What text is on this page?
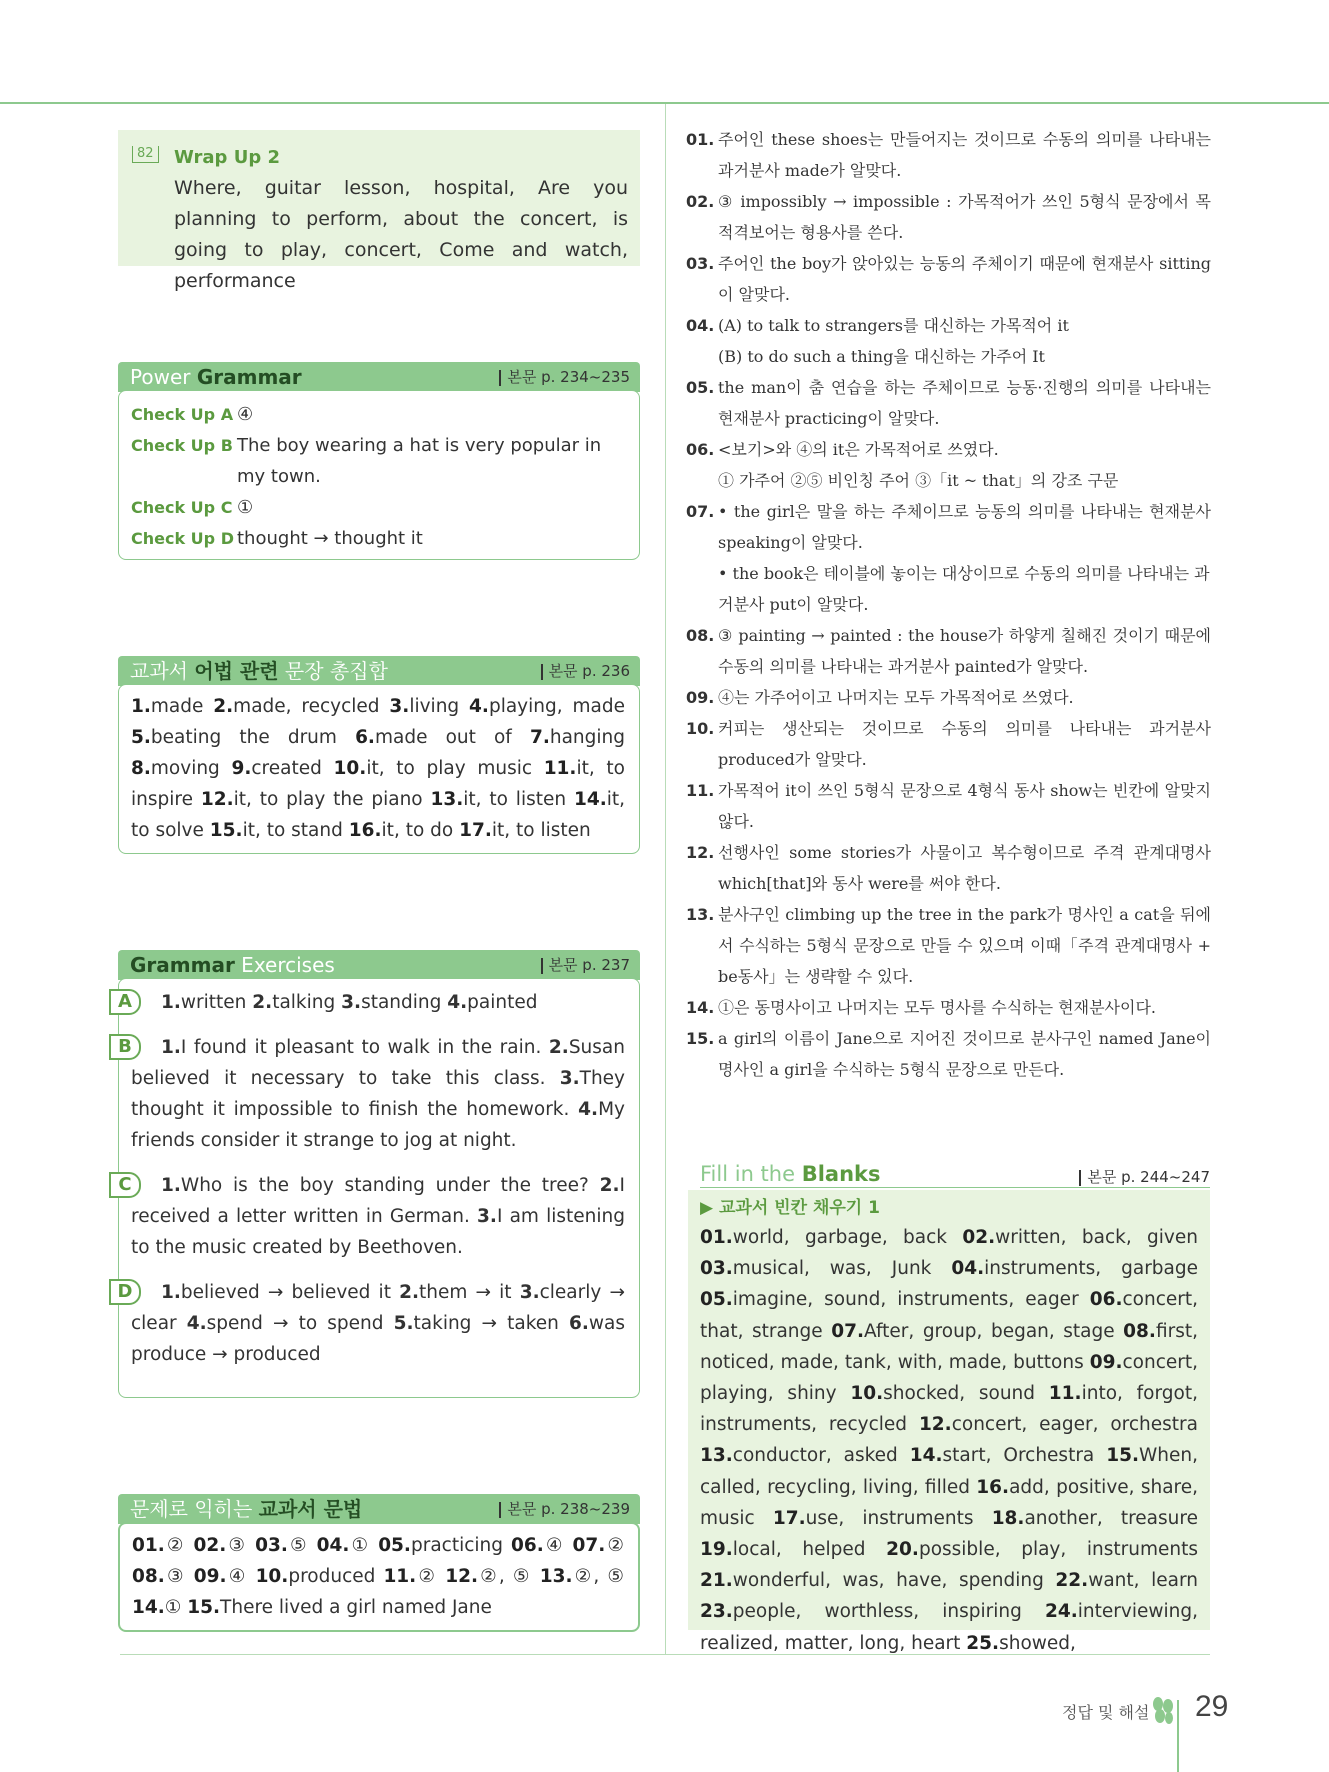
82 Wrap Up 2
Where, guitar lesson, hospital, Are you planning to perform, about the concert, is going to play, concert, Come and watch, performance
Power Grammar	본문 p. 234~235
Check Up A ④
Check Up B The boy wearing a hat is very popular in my town.
Check Up C ①
Check Up D thought → thought it
교과서 어법 관련 문장 총집합	본문 p. 236
1.made 2.made, recycled 3.living 4.playing, made 5.beating the drum 6.made out of 7.hanging 8.moving 9.created 10.it, to play music 11.it, to inspire 12.it, to play the piano 13.it, to listen 14.it, to solve 15.it, to stand 16.it, to do 17.it, to listen
Grammar Exercises	본문 p. 237
A	1.written 2.talking 3.standing 4.painted
B	1.I found it pleasant to walk in the rain. 2.Susan believed it necessary to take this class. 3.They thought it impossible to finish the homework. 4.My friends consider it strange to jog at night.
C	1.Who is the boy standing under the tree? 2.I received a letter written in German. 3.I am listening to the music created by Beethoven.
D	1.believed → believed it 2.them → it 3.clearly → clear 4.spend → to spend 5.taking → taken 6.was produce → produced
문제로 익히는 교과서 문법	본문 p. 238~239
01.② 02.③ 03.⑤ 04.① 05.practicing 06.④ 07.② 08.③ 09.④ 10.produced 11.② 12.②, ⑤ 13.②, ⑤ 14.① 15.There lived a girl named Jane
01. 주어인 these shoes는 만들어지는 것이므로 수동의 의미를 나타내는 과거분사 made가 알맞다.
02. ③ impossibly → impossible : 가목적어가 쓰인 5형식 문장에서 목적격보어는 형용사를 쓴다.
03. 주어인 the boy가 앉아있는 능동의 주체이기 때문에 현재분사 sitting이 알맞다.
04. (A) to talk to strangers를 대신하는 가목적어 it
(B) to do such a thing을 대신하는 가주어 It
05. the man이 춤 연습을 하는 주체이므로 능동·진행의 의미를 나타내는 현재분사 practicing이 알맞다.
06. <보기>와 ④의 it은 가목적어로 쓰였다.
① 가주어 ②⑤ 비인칭 주어 ③「it ~ that」의 강조 구문
07. • the girl은 말을 하는 주체이므로 능동의 의미를 나타내는 현재분사 speaking이 알맞다.
• the book은 테이블에 놓이는 대상이므로 수동의 의미를 나타내는 과거분사 put이 알맞다.
08. ③ painting → painted : the house가 하얗게 칠해진 것이기 때문에 수동의 의미를 나타내는 과거분사 painted가 알맞다.
09. ④는 가주어이고 나머지는 모두 가목적어로 쓰였다.
10. 커피는 생산되는 것이므로 수동의 의미를 나타내는 과거분사 produced가 알맞다.
11. 가목적어 it이 쓰인 5형식 문장으로 4형식 동사 show는 빈칸에 알맞지 않다.
12. 선행사인 some stories가 사물이고 복수형이므로 주격 관계대명사 which[that]와 동사 were를 써야 한다.
13. 분사구인 climbing up the tree in the park가 명사인 a cat을 뒤에서 수식하는 5형식 문장으로 만들 수 있으며 이때「주격 관계대명사 + be동사」는 생략할 수 있다.
14. ①은 동명사이고 나머지는 모두 명사를 수식하는 현재분사이다.
15. a girl의 이름이 Jane으로 지어진 것이므로 분사구인 named Jane이 명사인 a girl을 수식하는 5형식 문장으로 만든다.
Fill in the Blanks	본문 p. 244~247
▶ 교과서 빈칸 채우기 1
01.world, garbage, back 02.written, back, given 03.musical, was, Junk 04.instruments, garbage 05.imagine, sound, instruments, eager 06.concert, that, strange 07.After, group, began, stage 08.first, noticed, made, tank, with, made, buttons 09.concert, playing, shiny 10.shocked, sound 11.into, forgot, instruments, recycled 12.concert, eager, orchestra 13.conductor, asked 14.start, Orchestra 15.When, called, recycling, living, filled 16.add, positive, share, music 17.use, instruments 18.another, treasure 19.local, helped 20.possible, play, instruments 21.wonderful, was, have, spending 22.want, learn 23.people, worthless, inspiring 24.interviewing, realized, matter, long, heart 25.showed,
정답 및 해설 29
